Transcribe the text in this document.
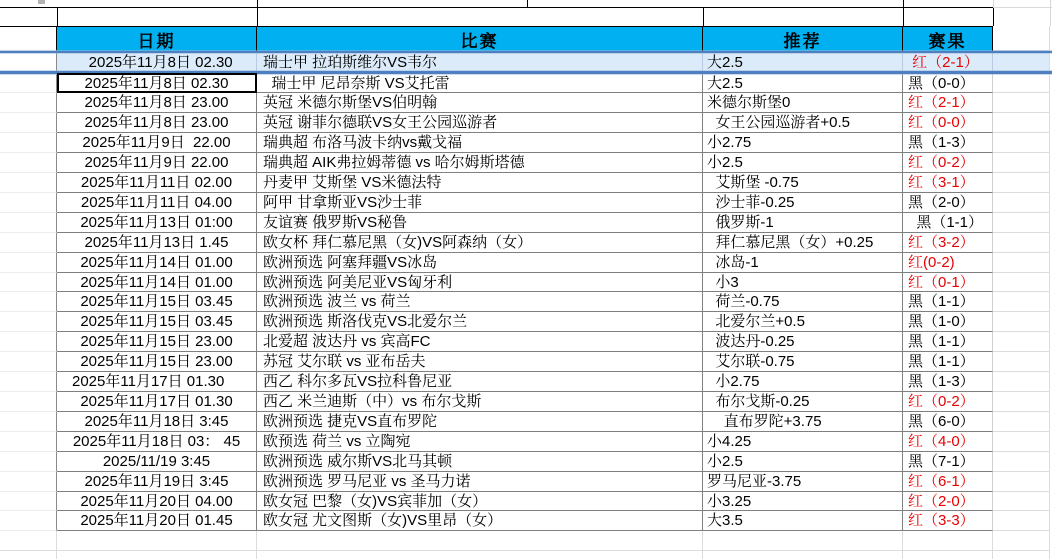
日期	比赛	推荐	赛果
2025年11月8日 02.30	瑞士甲 拉珀斯维尔VS韦尔	大2.5	红（2-1）
2025年11月8日 02.30	瑞士甲 尼昂奈斯 VS艾托雷	大2.5	黑（0-0）
2025年11月8日 23.00	英冠 米德尔斯堡VS伯明翰	米德尔斯堡0	红（2-1）
2025年11月8日 23.00	英冠 谢菲尔德联VS女王公园巡游者	女王公园巡游者+0.5	红（0-0）
2025年11月9日  22.00	瑞典超 布洛马波卡纳vs戴戈福	小2.75	黑（1-3）
2025年11月9日 22.00	瑞典超 AIK弗拉姆蒂德 vs 哈尔姆斯塔德	小2.5	红（0-2）
2025年11月11日 02.00	丹麦甲 艾斯堡 VS米德法特	艾斯堡 -0.75	红（3-1）
2025年11月11日 04.00	阿甲 甘拿斯亚VS沙士菲	沙士菲-0.25	黑（2-0）
2025年11月13日 01:00	友谊赛 俄罗斯VS秘鲁	俄罗斯-1	黑（1-1）
2025年11月13日 1.45	欧女杯 拜仁慕尼黑（女)VS阿森纳（女）	拜仁慕尼黑（女）+0.25	红（3-2）
2025年11月14日 01.00	欧洲预选 阿塞拜疆VS冰岛	冰岛-1	红(0-2)
2025年11月14日 01.00	欧洲预选 阿美尼亚VS匈牙利	小3	红（0-1）
2025年11月15日 03.45	欧洲预选 波兰 vs 荷兰	荷兰-0.75	黑（1-1）
2025年11月15日 03.45	欧洲预选 斯洛伐克VS北爱尔兰	北爱尔兰+0.5	黑（1-0）
2025年11月15日 23.00	北爱超 波达丹 vs 宾高FC	波达丹-0.25	黑（1-1）
2025年11月15日 23.00	苏冠 艾尔联 vs 亚布岳夫	艾尔联-0.75	黑（1-1）
2025年11月17日 01.30	西乙 科尔多瓦VS拉科鲁尼亚	小2.75	黑（1-3）
2025年11月17日 01.30	西乙 米兰迪斯（中）vs 布尔戈斯	布尔戈斯-0.25	红（0-2）
2025年11月18日 3:45	欧洲预选 捷克VS直布罗陀	直布罗陀+3.75	黑（6-0）
2025年11月18日 03： 45	欧预选 荷兰 vs 立陶宛	小4.25	红（4-0）
2025/11/19 3:45	欧洲预选 威尔斯VS北马其顿	小2.5	黑（7-1）
2025年11月19日 3:45	欧洲预选 罗马尼亚 vs 圣马力诺	罗马尼亚-3.75	红（6-1）
2025年11月20日 04.00	欧女冠 巴黎（女)VS宾菲加（女）	小3.25	红（2-0）
2025年11月20日 01.45	欧女冠 尤文图斯（女)VS里昂（女）	大3.5	红（3-3）
